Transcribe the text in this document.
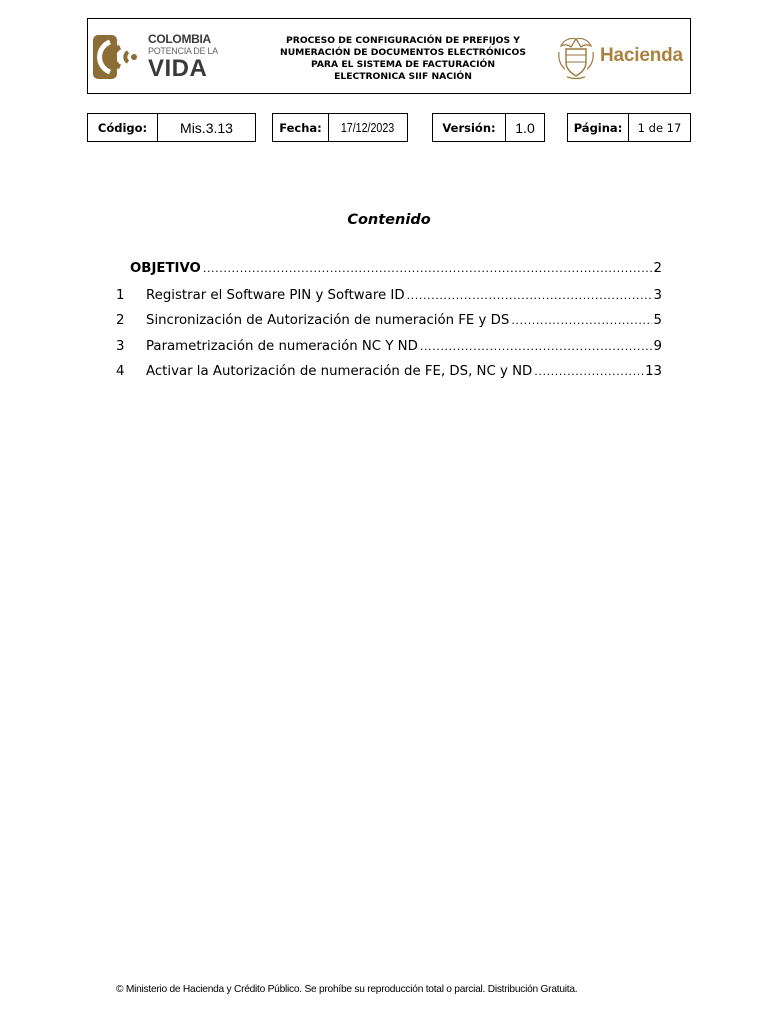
COLOMBIA
POTENCIA DE LA
VIDA
PROCESO DE CONFIGURACIÓN DE PREFIJOS Y
NUMERACIÓN DE DOCUMENTOS ELECTRÓNICOS
PARA EL SISTEMA DE FACTURACIÓN
ELECTRONICA SIIF NACIÓN
Hacienda
Código:	Mis.3.13	Fecha:	17/12/2023	Versión:	1.0	Página:	1 de 17
Contenido
OBJETIVO .....	2
1	Registrar el Software PIN y Software ID .....	3
2	Sincronización de Autorización de numeración FE y DS .....	5
3	Parametrización de numeración NC Y ND .....	9
4	Activar la Autorización de numeración de FE, DS, NC y ND .....	13
© Ministerio de Hacienda y Crédito Público. Se prohíbe su reproducción total o parcial. Distribución Gratuita.
